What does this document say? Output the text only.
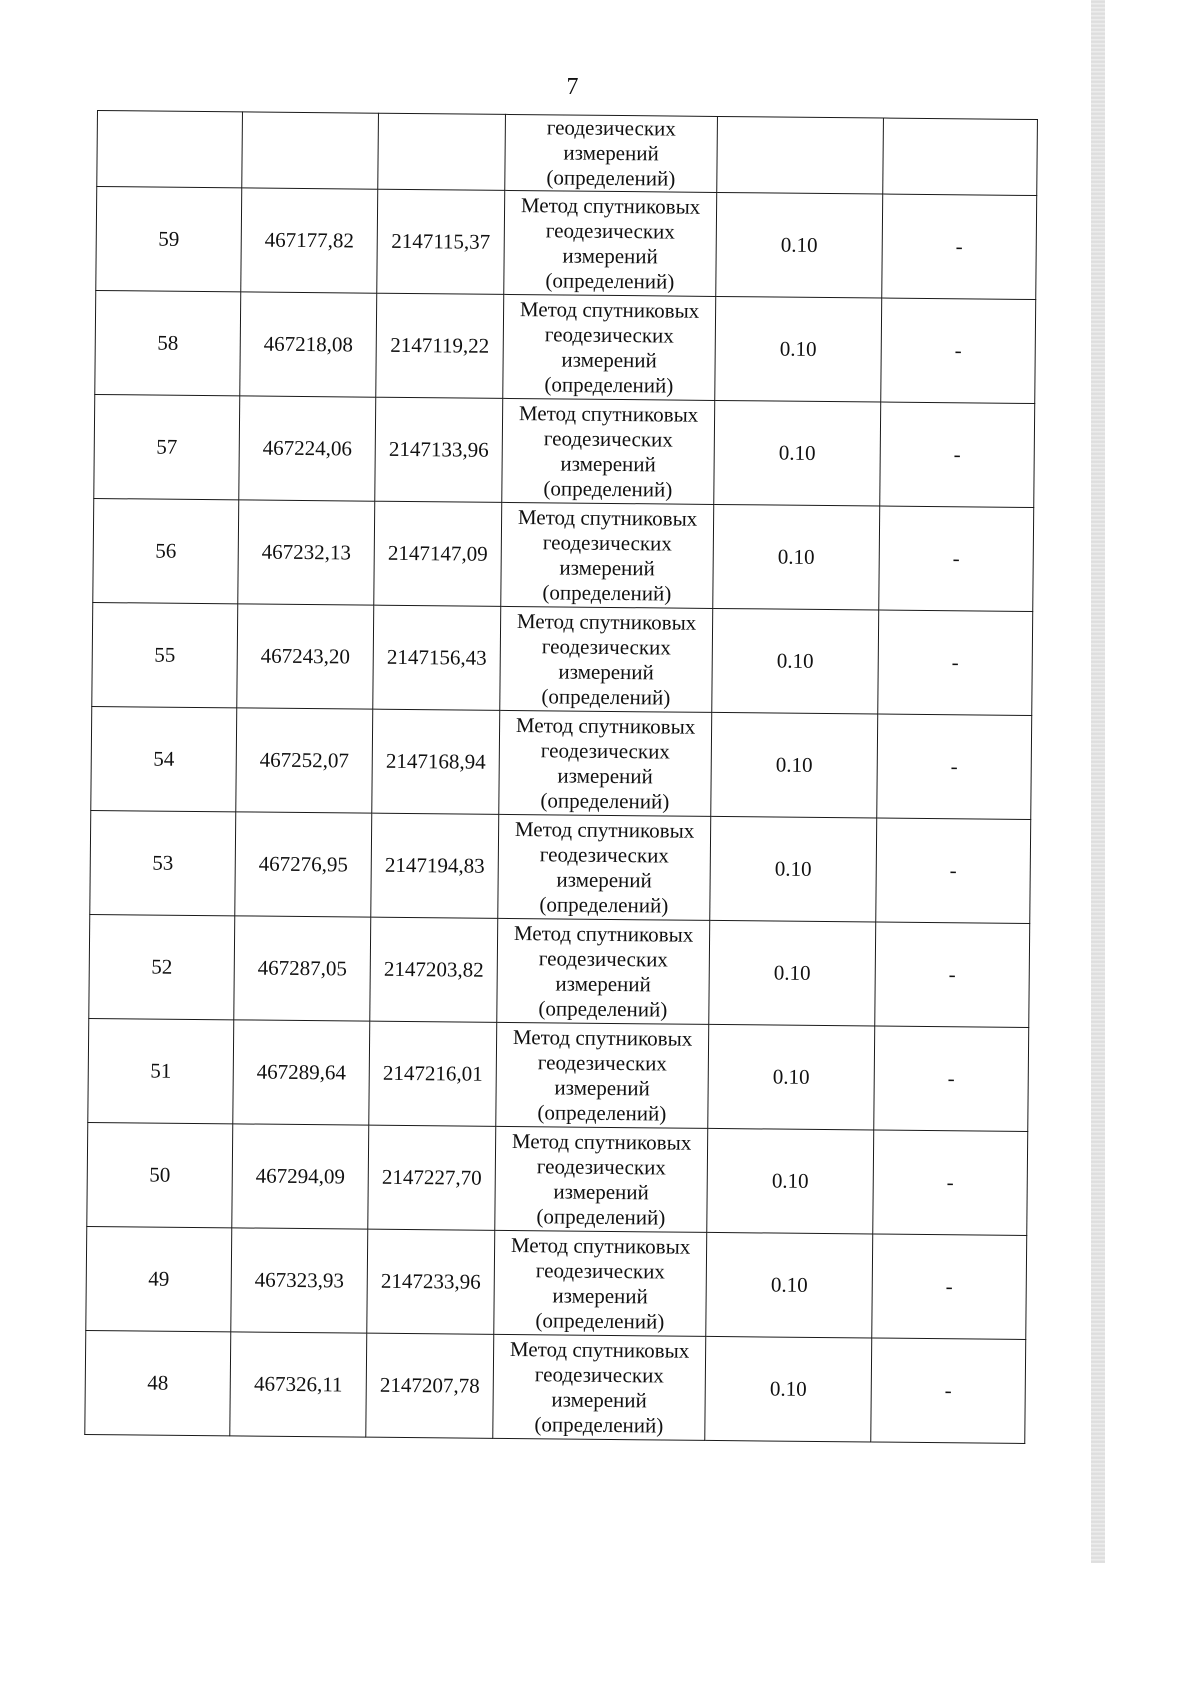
7

			геодезических
измерений
(определений)		

59	467177,82	2147115,37	Метод спутниковых
геодезических
измерений
(определений)	0.10	-
58	467218,08	2147119,22	Метод спутниковых
геодезических
измерений
(определений)	0.10	-
57	467224,06	2147133,96	Метод спутниковых
геодезических
измерений
(определений)	0.10	-
56	467232,13	2147147,09	Метод спутниковых
геодезических
измерений
(определений)	0.10	-
55	467243,20	2147156,43	Метод спутниковых
геодезических
измерений
(определений)	0.10	-
54	467252,07	2147168,94	Метод спутниковых
геодезических
измерений
(определений)	0.10	-
53	467276,95	2147194,83	Метод спутниковых
геодезических
измерений
(определений)	0.10	-
52	467287,05	2147203,82	Метод спутниковых
геодезических
измерений
(определений)	0.10	-
51	467289,64	2147216,01	Метод спутниковых
геодезических
измерений
(определений)	0.10	-
50	467294,09	2147227,70	Метод спутниковых
геодезических
измерений
(определений)	0.10	-
49	467323,93	2147233,96	Метод спутниковых
геодезических
измерений
(определений)	0.10	-
48	467326,11	2147207,78	Метод спутниковых
геодезических
измерений
(определений)	0.10	-
